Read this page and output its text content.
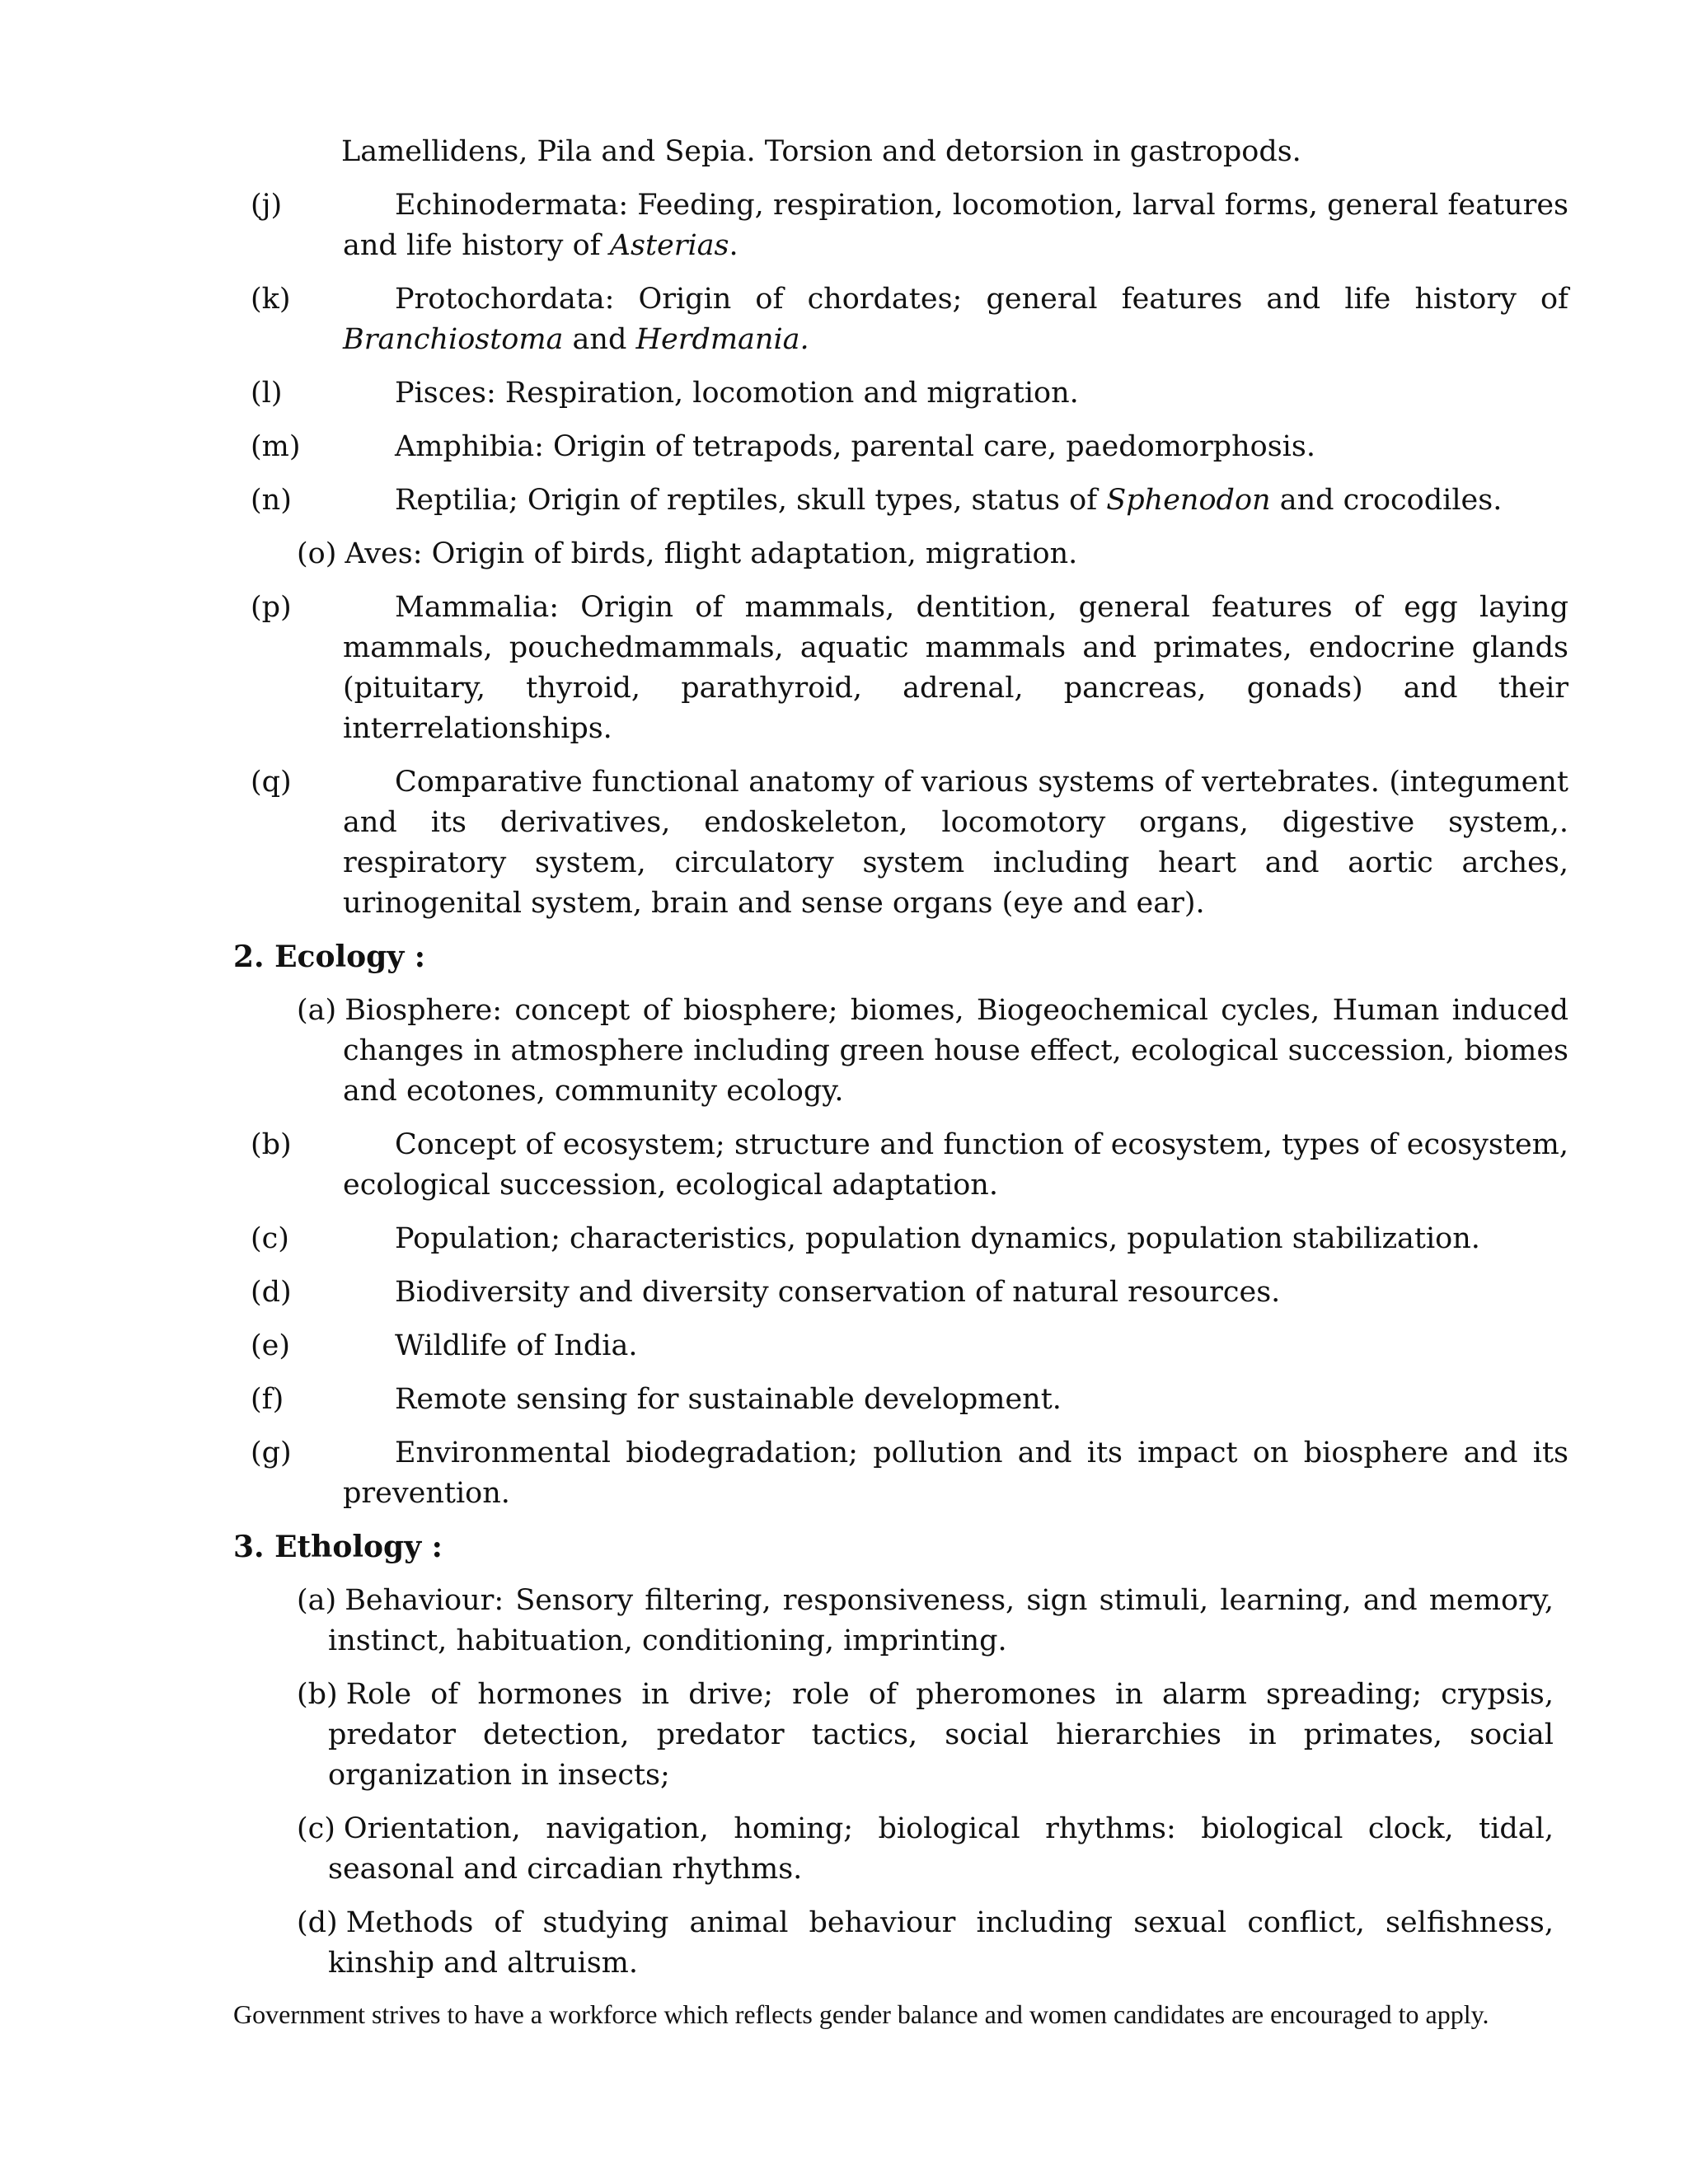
Lamellidens, Pila and Sepia. Torsion and detorsion in gastropods.
(j)	Echinodermata: Feeding, respiration, locomotion, larval forms, general features and life history of Asterias.
(k)	Protochordata: Origin of chordates; general features and life history of Branchiostoma and Herdmania.
(l)	Pisces: Respiration, locomotion and migration.
(m)	Amphibia: Origin of tetrapods, parental care, paedomorphosis.
(n)	Reptilia; Origin of reptiles, skull types, status of Sphenodon and crocodiles.
(o) Aves: Origin of birds, flight adaptation, migration.
(p)	Mammalia: Origin of mammals, dentition, general features of egg laying mammals, pouchedmammals, aquatic mammals and primates, endocrine glands (pituitary, thyroid, parathyroid, adrenal, pancreas, gonads) and their interrelationships.
(q)	Comparative functional anatomy of various systems of vertebrates. (integument and its derivatives, endoskeleton, locomotory organs, digestive system,. respiratory system, circulatory system including heart and aortic arches, urinogenital system, brain and sense organs (eye and ear).
2. Ecology :
(a) Biosphere: concept of biosphere; biomes, Biogeochemical cycles, Human induced changes in atmosphere including green house effect, ecological succession, biomes and ecotones, community ecology.
(b)	Concept of ecosystem; structure and function of ecosystem, types of ecosystem, ecological succession, ecological adaptation.
(c)	Population; characteristics, population dynamics, population stabilization.
(d)	Biodiversity and diversity conservation of natural resources.
(e)	Wildlife of India.
(f)	Remote sensing for sustainable development.
(g)	Environmental biodegradation; pollution and its impact on biosphere and its prevention.
3. Ethology :
(a) Behaviour: Sensory filtering, responsiveness, sign stimuli, learning, and memory, instinct, habituation, conditioning, imprinting.
(b) Role of hormones in drive; role of pheromones in alarm spreading; crypsis, predator detection, predator tactics, social hierarchies in primates, social organization in insects;
(c) Orientation, navigation, homing; biological rhythms: biological clock, tidal, seasonal and circadian rhythms.
(d) Methods of studying animal behaviour including sexual conflict, selfishness, kinship and altruism.
Government strives to have a workforce which reflects gender balance and women candidates are encouraged to apply.
